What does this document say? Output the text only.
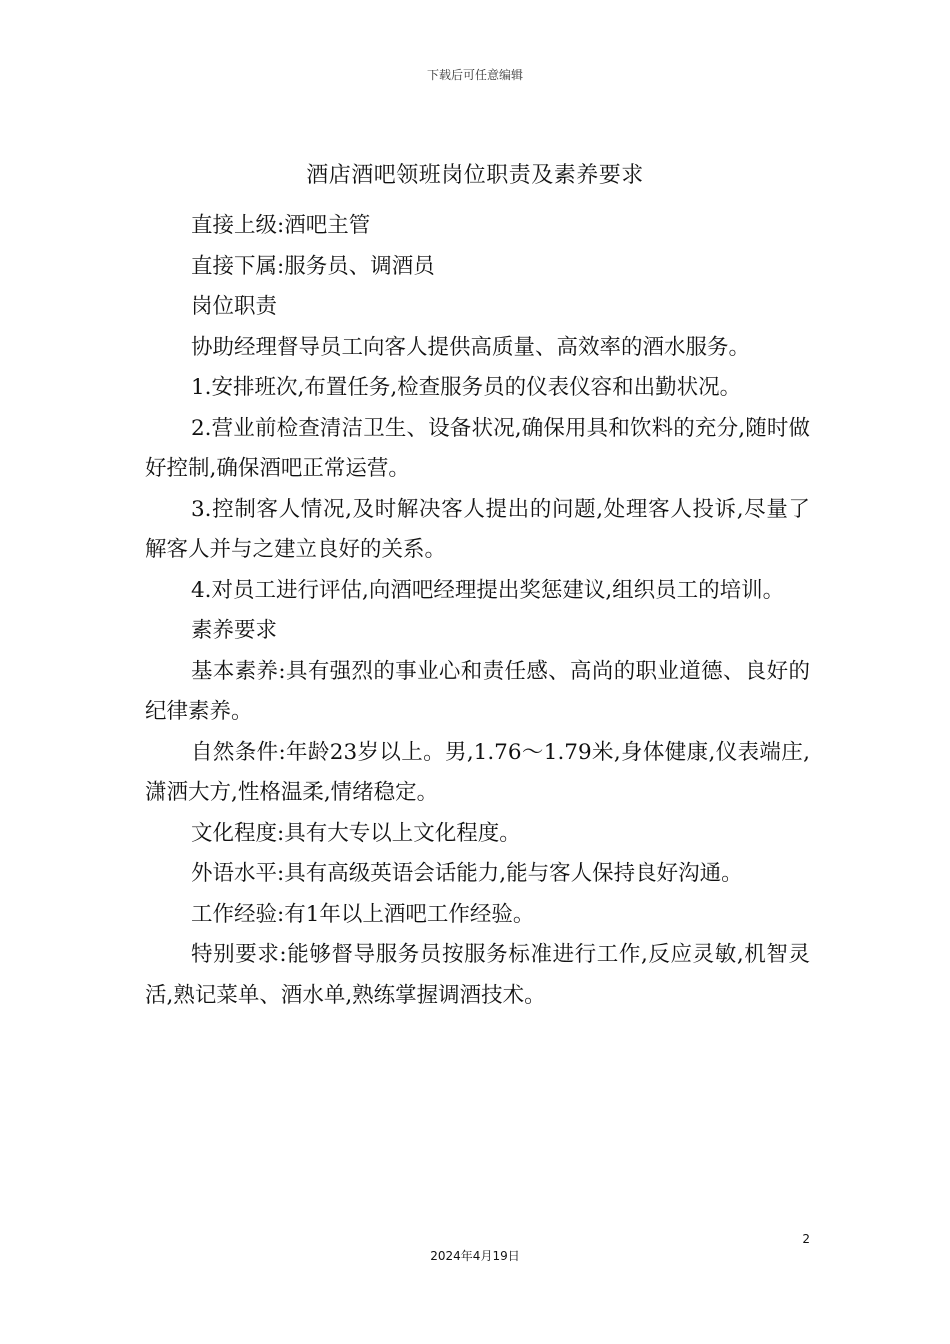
下载后可任意编辑
酒店酒吧领班岗位职责及素养要求

直接上级:酒吧主管

直接下属:服务员、调酒员

岗位职责

协助经理督导员工向客人提供高质量、高效率的酒水服务。

1.安排班次,布置任务,检查服务员的仪表仪容和出勤状况。

2.营业前检查清洁卫生、设备状况,确保用具和饮料的充分,随时做好控制,确保酒吧正常运营。

3.控制客人情况,及时解决客人提出的问题,处理客人投诉,尽量了解客人并与之建立良好的关系。

4.对员工进行评估,向酒吧经理提出奖惩建议,组织员工的培训。

素养要求

基本素养:具有强烈的事业心和责任感、高尚的职业道德、良好的纪律素养。

自然条件:年龄23岁以上。男,1.76～1.79米,身体健康,仪表端庄,潇洒大方,性格温柔,情绪稳定。

文化程度:具有大专以上文化程度。

外语水平:具有高级英语会话能力,能与客人保持良好沟通。

工作经验:有1年以上酒吧工作经验。

特别要求:能够督导服务员按服务标准进行工作,反应灵敏,机智灵活,熟记菜单、酒水单,熟练掌握调酒技术。

2
2024年4月19日
